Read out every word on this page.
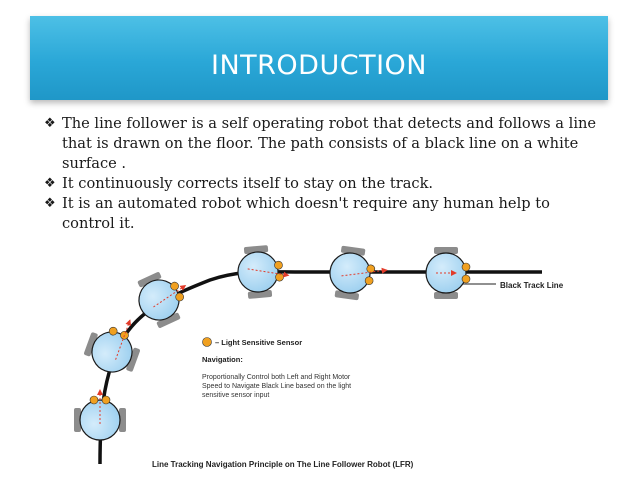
INTRODUCTION
❖ The line follower is a self operating robot that detects and follows a line that is drawn on the floor. The path consists of a black line on a white surface .
❖ It continuously corrects itself to stay on the track.
❖ It is an automated robot which doesn't require any human help to control it.
Black Track Line
– Light Sensitive Sensor
Navigation:
Proportionally Control both Left and Right Motor
Speed to Navigate Black Line based on the light
sensitive sensor input
Line Tracking Navigation Principle on The Line Follower Robot (LFR)
